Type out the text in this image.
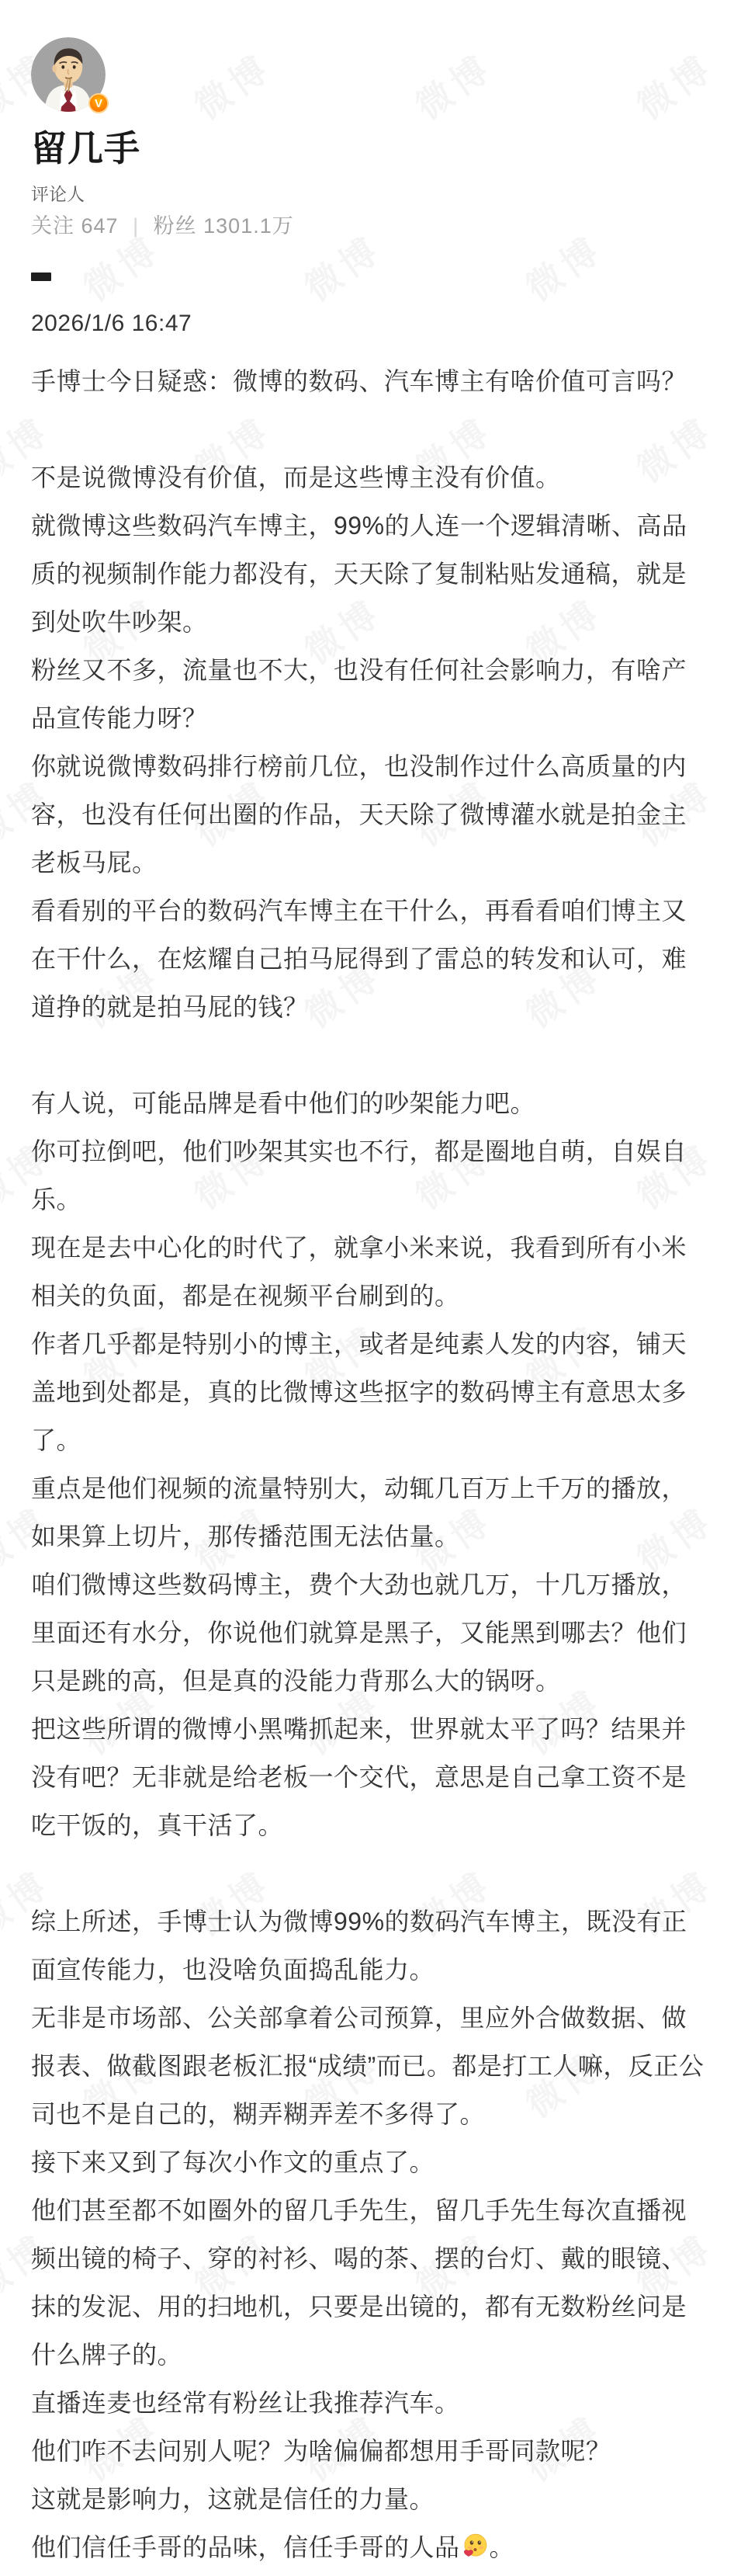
V
留几手
评论人
关注 647 | 粉丝 1301.1万
2026/1/6 16:47

手博士今日疑惑：微博的数码、汽车博主有啥价值可言吗？

不是说微博没有价值，而是这些博主没有价值。

就微博这些数码汽车博主，99%的人连一个逻辑清晰、高品质的视频制作能力都没有，天天除了复制粘贴发通稿，就是到处吹牛吵架。

粉丝又不多，流量也不大，也没有任何社会影响力，有啥产品宣传能力呀？

你就说微博数码排行榜前几位，也没制作过什么高质量的内容，也没有任何出圈的作品，天天除了微博灌水就是拍金主老板马屁。

看看别的平台的数码汽车博主在干什么，再看看咱们博主又在干什么，在炫耀自己拍马屁得到了雷总的转发和认可，难道挣的就是拍马屁的钱？

有人说，可能品牌是看中他们的吵架能力吧。

你可拉倒吧，他们吵架其实也不行，都是圈地自萌，自娱自乐。

现在是去中心化的时代了，就拿小米来说，我看到所有小米相关的负面，都是在视频平台刷到的。

作者几乎都是特别小的博主，或者是纯素人发的内容，铺天盖地到处都是，真的比微博这些抠字的数码博主有意思太多了。

重点是他们视频的流量特别大，动辄几百万上千万的播放，如果算上切片，那传播范围无法估量。

咱们微博这些数码博主，费个大劲也就几万，十几万播放，里面还有水分，你说他们就算是黑子，又能黑到哪去？他们只是跳的高，但是真的没能力背那么大的锅呀。

把这些所谓的微博小黑嘴抓起来，世界就太平了吗？结果并没有吧？无非就是给老板一个交代，意思是自己拿工资不是吃干饭的，真干活了。

综上所述，手博士认为微博99%的数码汽车博主，既没有正面宣传能力，也没啥负面捣乱能力。

无非是市场部、公关部拿着公司预算，里应外合做数据、做报表、做截图跟老板汇报“成绩”而已。都是打工人嘛，反正公司也不是自己的，糊弄糊弄差不多得了。

接下来又到了每次小作文的重点了。

他们甚至都不如圈外的留几手先生，留几手先生每次直播视频出镜的椅子、穿的衬衫、喝的茶、摆的台灯、戴的眼镜、抹的发泥、用的扫地机，只要是出镜的，都有无数粉丝问是什么牌子的。

直播连麦也经常有粉丝让我推荐汽车。

他们咋不去问别人呢？为啥偏偏都想用手哥同款呢？

这就是影响力，这就是信任的力量。

他们信任手哥的品味，信任手哥的人品 。
